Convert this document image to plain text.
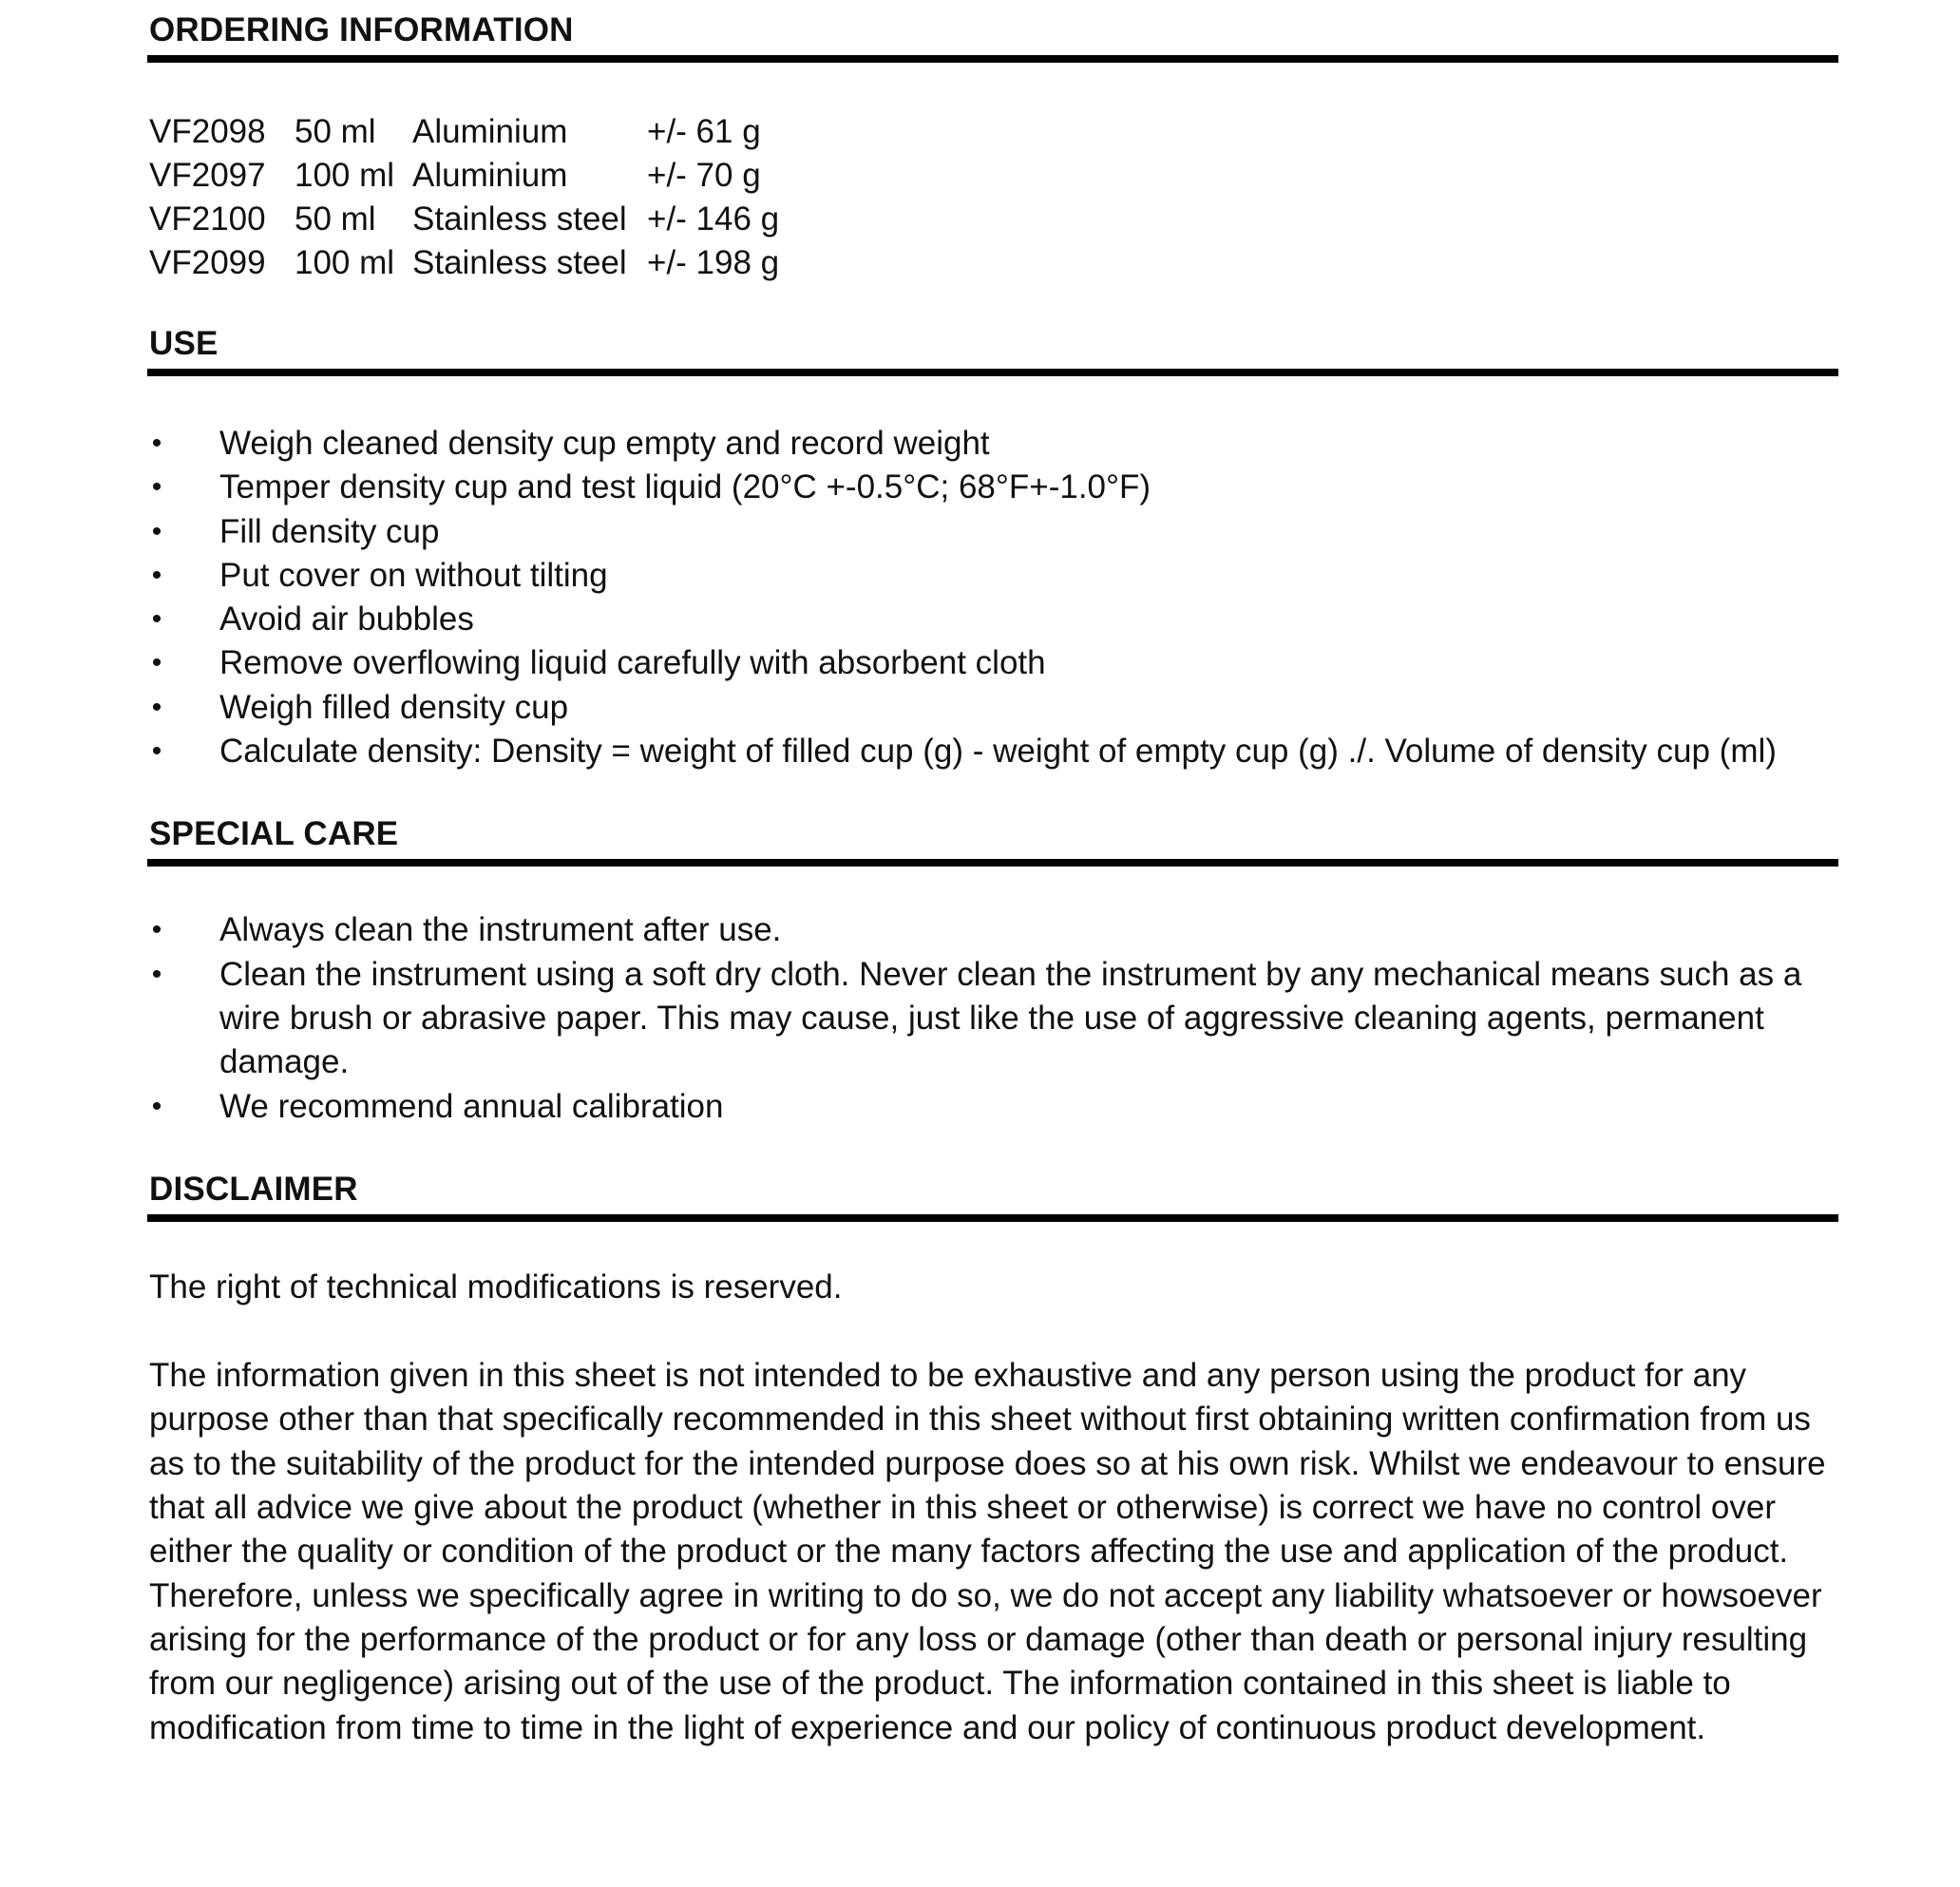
ORDERING INFORMATION
VF2098	50 ml	Aluminium	+/- 61 g
VF2097	100 ml	Aluminium	+/- 70 g
VF2100	50 ml	Stainless steel	+/- 146 g
VF2099	100 ml	Stainless steel	+/- 198 g
USE
• Weigh cleaned density cup empty and record weight
• Temper density cup and test liquid (20°C +-0.5°C; 68°F+-1.0°F)
• Fill density cup
• Put cover on without tilting
• Avoid air bubbles
• Remove overflowing liquid carefully with absorbent cloth
• Weigh filled density cup
• Calculate density: Density = weight of filled cup (g) - weight of empty cup (g) ./. Volume of density cup (ml)
SPECIAL CARE
• Always clean the instrument after use.
• Clean the instrument using a soft dry cloth. Never clean the instrument by any mechanical means such as a wire brush or abrasive paper. This may cause, just like the use of aggressive cleaning agents, permanent damage.
• We recommend annual calibration
DISCLAIMER

The right of technical modifications is reserved.

The information given in this sheet is not intended to be exhaustive and any person using the product for any purpose other than that specifically recommended in this sheet without first obtaining written confirmation from us as to the suitability of the product for the intended purpose does so at his own risk. Whilst we endeavour to ensure that all advice we give about the product (whether in this sheet or otherwise) is correct we have no control over either the quality or condition of the product or the many factors affecting the use and application of the product. Therefore, unless we specifically agree in writing to do so, we do not accept any liability whatsoever or howsoever arising for the performance of the product or for any loss or damage (other than death or personal injury resulting from our negligence) arising out of the use of the product. The information contained in this sheet is liable to modification from time to time in the light of experience and our policy of continuous product development.
